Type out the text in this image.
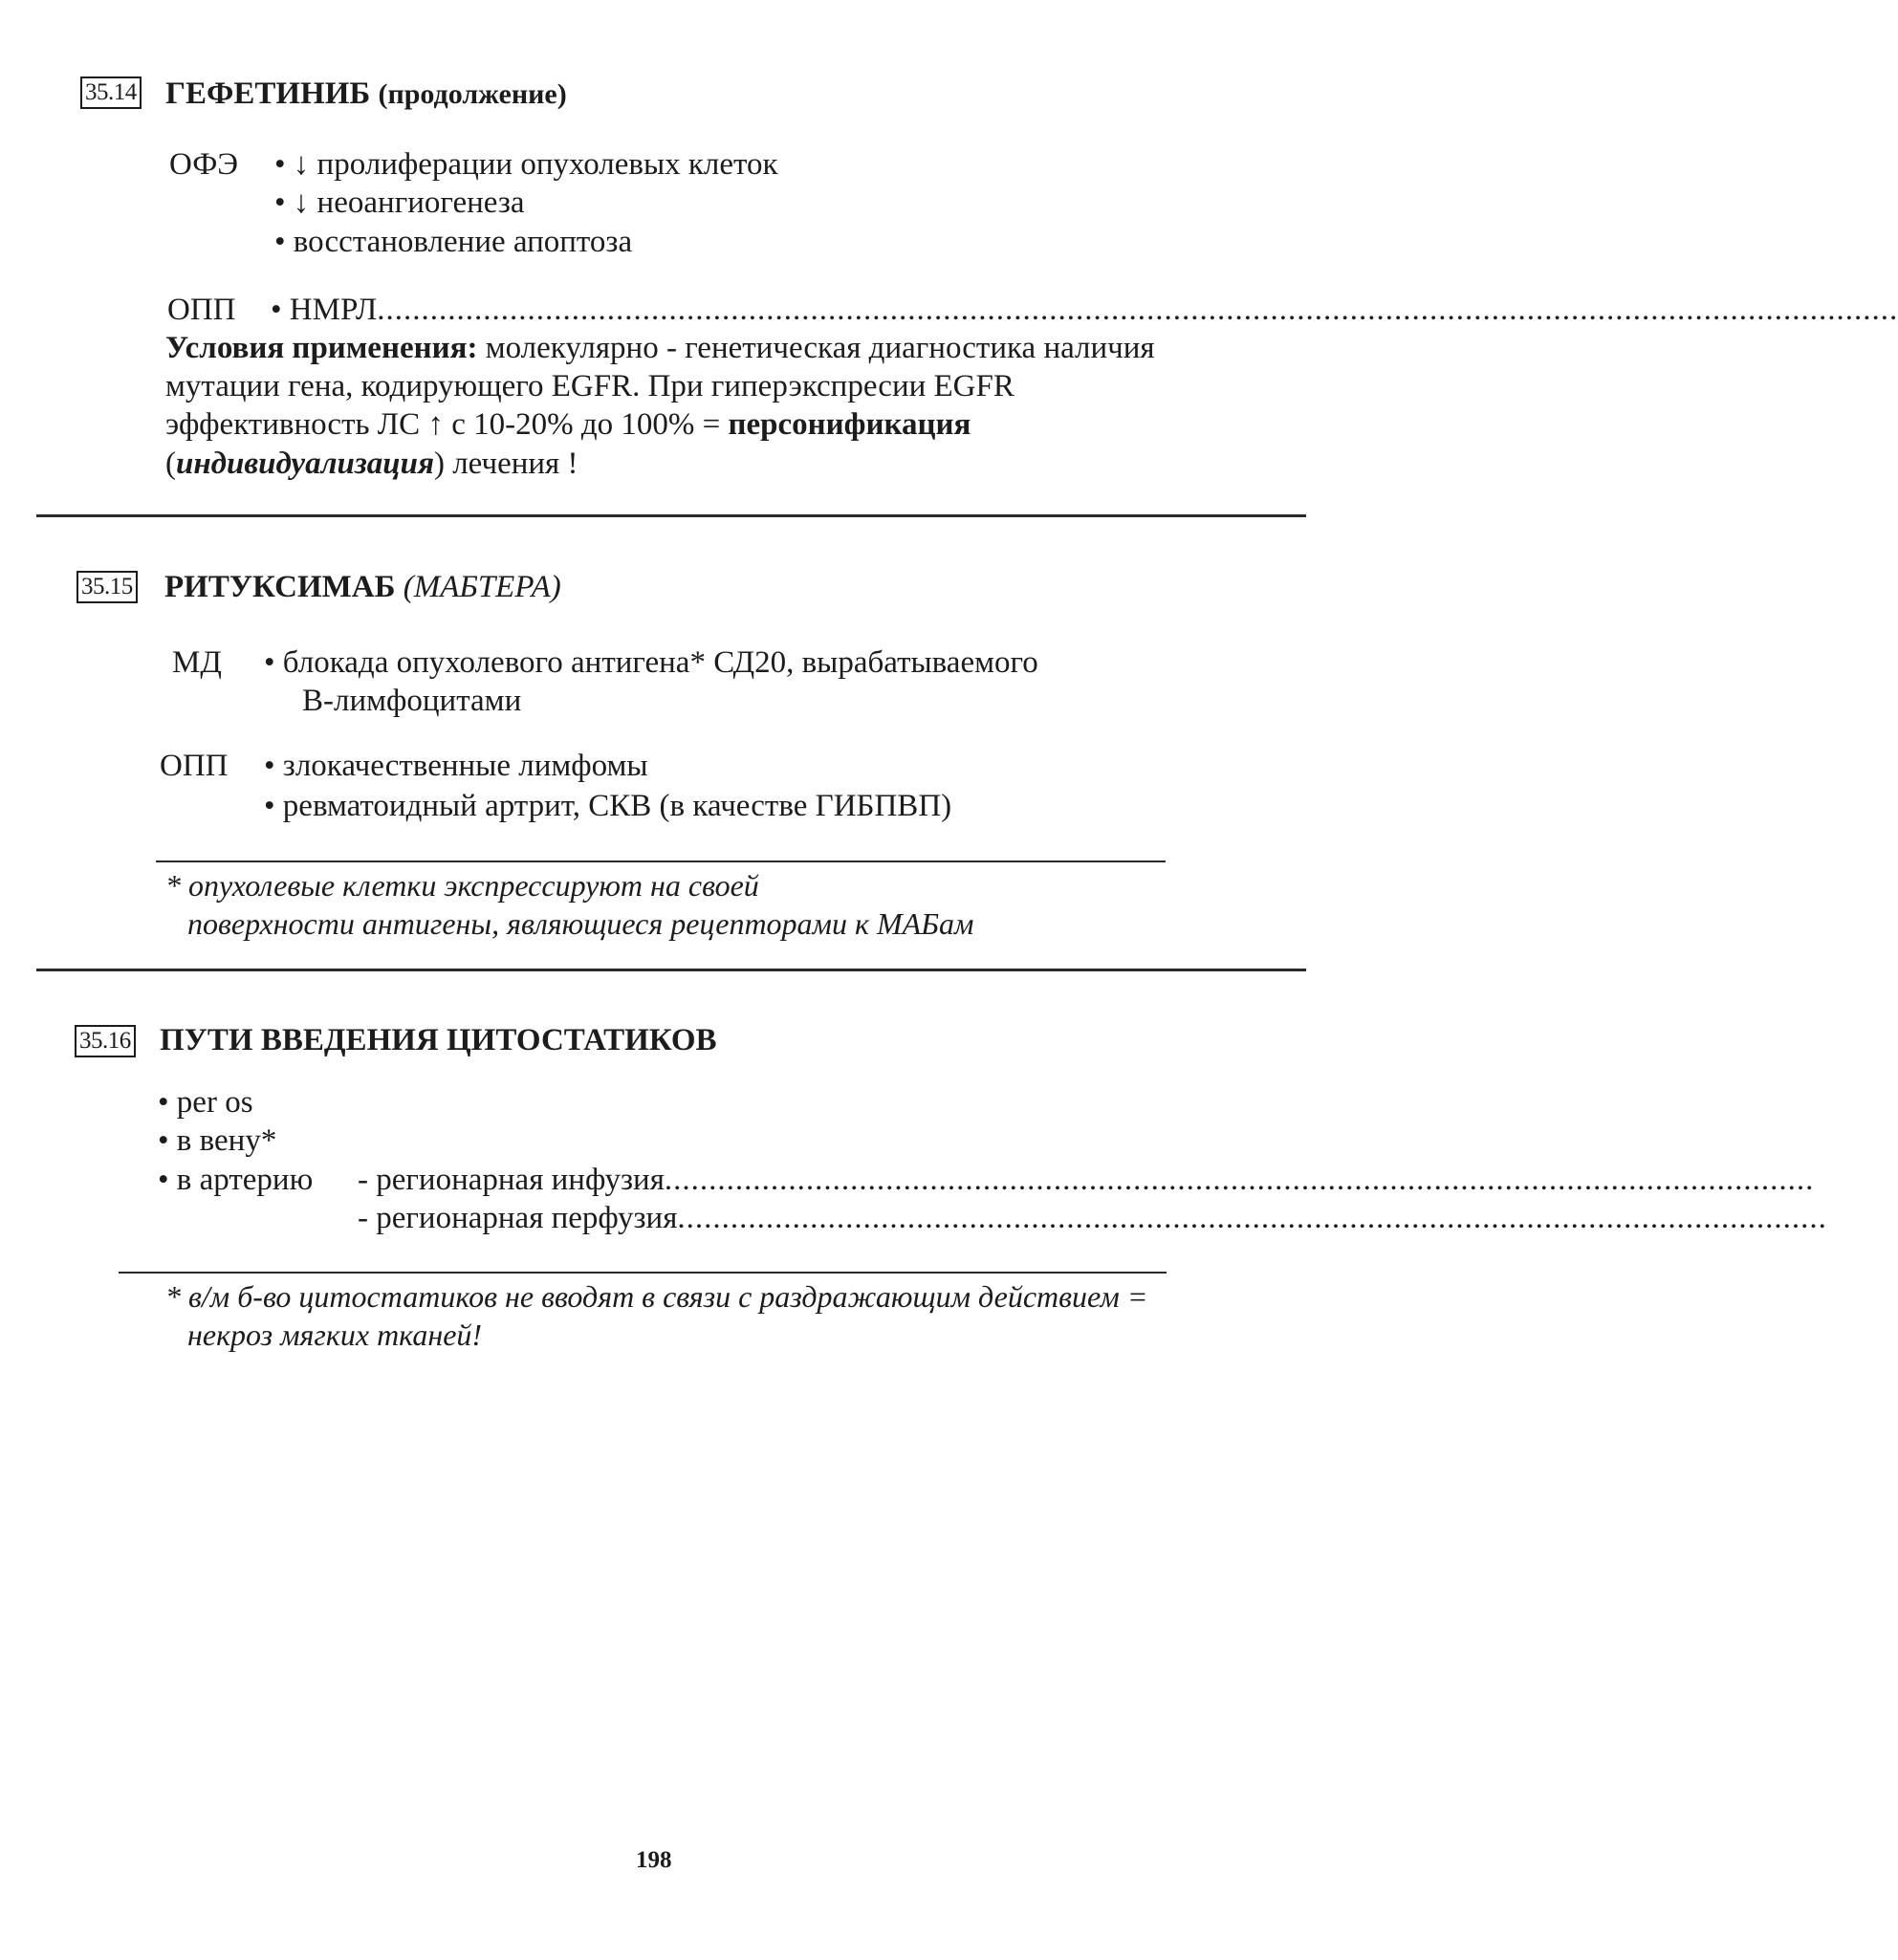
35.14 ГЕФЕТИНИБ (продолжение)
ОФЭ • ↓ пролиферации опухолевых клеток
• ↓ неоангиогенеза
• восстановление апоптоза
ОПП • НМРЛ............................................................................................................................................................................
Условия применения: молекулярно - генетическая диагностика наличия
мутации гена, кодирующего EGFR. При гиперэкспресии EGFR
эффективность ЛС ↑ с 10-20% до 100% = персонификация
(индивидуализация) лечения !
35.15 РИТУКСИМАБ (МАБТЕРА)
МД • блокада опухолевого антигена* СД20, вырабатываемого
В-лимфоцитами
ОПП • злокачественные лимфомы
• ревматоидный артрит, СКВ (в качестве ГИБПВП)
* опухолевые клетки экспрессируют на своей
поверхности антигены, являющиеся рецепторами к МАБам
35.16 ПУТИ ВВЕДЕНИЯ ЦИТОСТАТИКОВ
• per os
• в вену*
• в артерию - регионарная инфузия..................................................................................................................................
- регионарная перфузия..................................................................................................................................
* в/м б-во цитостатиков не вводят в связи с раздражающим действием =
некроз мягких тканей!
198
